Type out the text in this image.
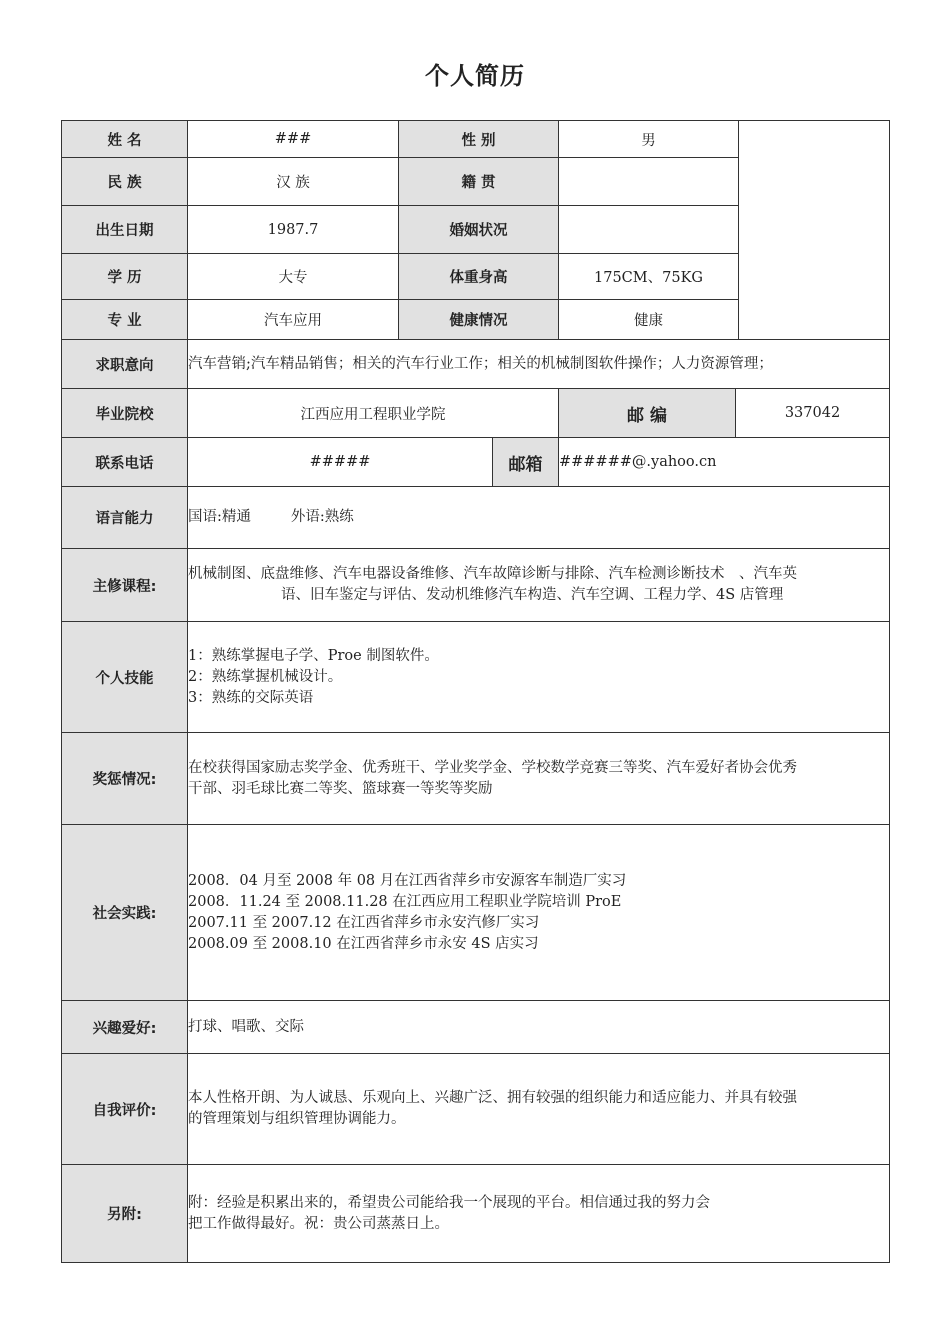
个人简历
姓 名	###	性 别		男		
民 族	汉 族	籍 贯				
出生日期	1987.7	婚姻状况				
学 历	大专	体重身高		175CM、75KG		
专 业	汽车应用	健康情况		健康		
求职意向	汽车营销;汽车精品销售；相关的汽车行业工作；相关的机械制图软件操作；人力资源管理；					

毕业院校	江西应用工程职业学院			邮 编	337042	
联系电话	#####		邮箱	######@.yahoo.cn		
语言能力	国语:精通 外语:熟练					
主修课程:	机械制图、底盘维修、汽车电器设备维修、汽车故障诊断与排除、汽车检测诊断技术　、汽车英
语、旧车鉴定与评估、发动机维修汽车构造、汽车空调、工程力学、4S 店管理					

个人技能	1：熟练掌握电子学、Proe 制图软件。
2：熟练掌握机械设计。
3：熟练的交际英语					

奖惩情况:	在校获得国家励志奖学金、优秀班干、学业奖学金、学校数学竞赛三等奖、汽车爱好者协会优秀
干部、羽毛球比赛二等奖、篮球赛一等奖等奖励					

社会实践:	2008．04 月至 2008 年 08 月在江西省萍乡市安源客车制造厂实习
2008．11.24 至 2008.11.28 在江西应用工程职业学院培训 ProE
2007.11 至 2007.12 在江西省萍乡市永安汽修厂实习
2008.09 至 2008.10 在江西省萍乡市永安 4S 店实习					

兴趣爱好:	打球、唱歌、交际					
自我评价:	本人性格开朗、为人诚恳、乐观向上、兴趣广泛、拥有较强的组织能力和适应能力、并具有较强
的管理策划与组织管理协调能力。					

另附:	附：经验是积累出来的，希望贵公司能给我一个展现的平台。相信通过我的努力会
把工作做得最好。祝：贵公司蒸蒸日上。					
